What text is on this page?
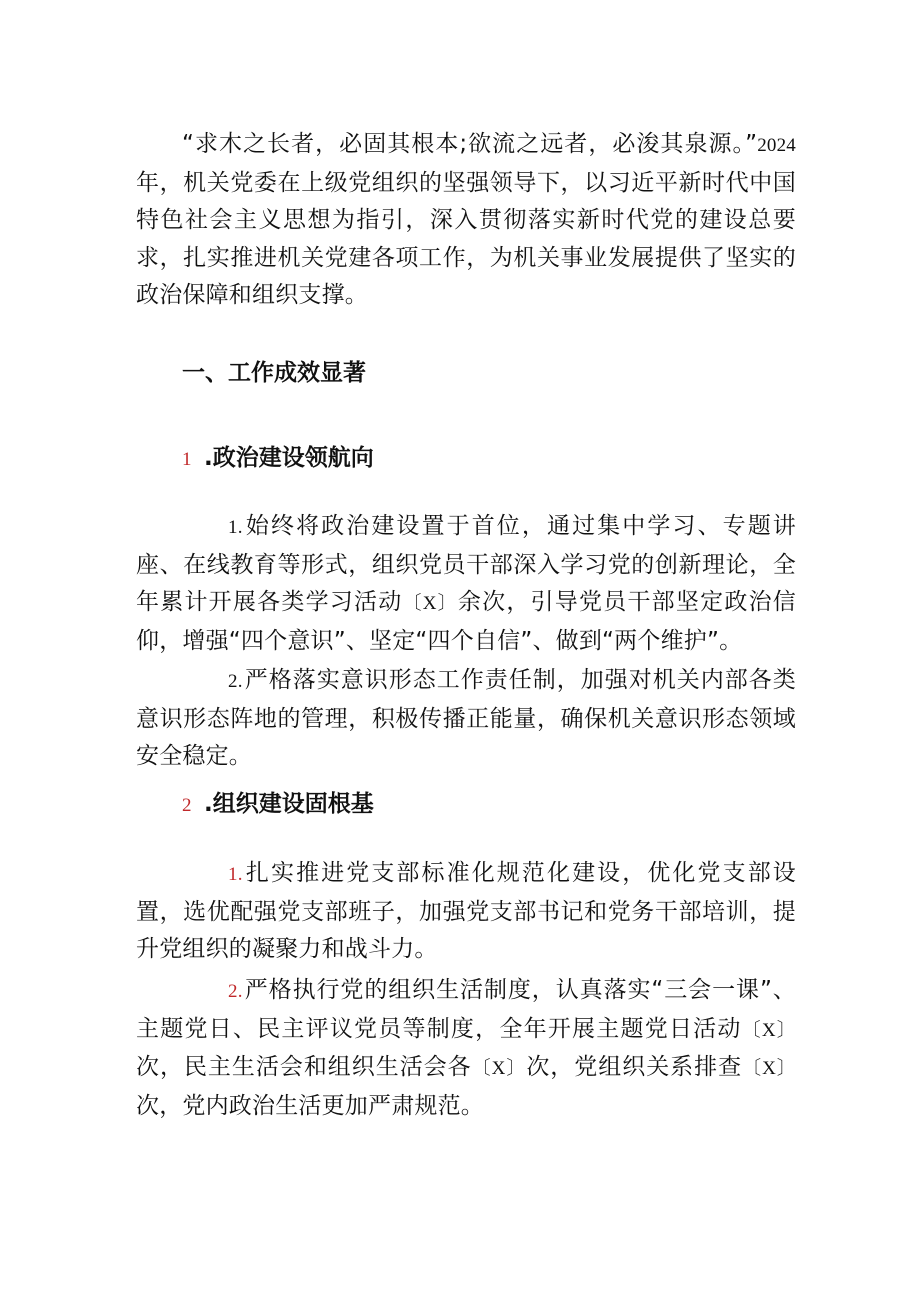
“求木之长者，必固其根本;欲流之远者，必浚其泉源。”2024年，机关党委在上级党组织的坚强领导下，以习近平新时代中国特色社会主义思想为指引，深入贯彻落实新时代党的建设总要求，扎实推进机关党建各项工作，为机关事业发展提供了坚实的政治保障和组织支撑。

一、工作成效显著
1 .政治建设领航向

1.始终将政治建设置于首位，通过集中学习、专题讲座、在线教育等形式，组织党员干部深入学习党的创新理论，全年累计开展各类学习活动〔X〕余次，引导党员干部坚定政治信仰，增强“四个意识”、坚定“四个自信”、做到“两个维护”。

2.严格落实意识形态工作责任制，加强对机关内部各类意识形态阵地的管理，积极传播正能量，确保机关意识形态领域安全稳定。

2 .组织建设固根基

1.扎实推进党支部标准化规范化建设，优化党支部设置，选优配强党支部班子，加强党支部书记和党务干部培训，提升党组织的凝聚力和战斗力。

2.严格执行党的组织生活制度，认真落实“三会一课”、主题党日、民主评议党员等制度，全年开展主题党日活动〔X〕次，民主生活会和组织生活会各〔X〕次，党组织关系排查〔X〕次，党内政治生活更加严肃规范。
